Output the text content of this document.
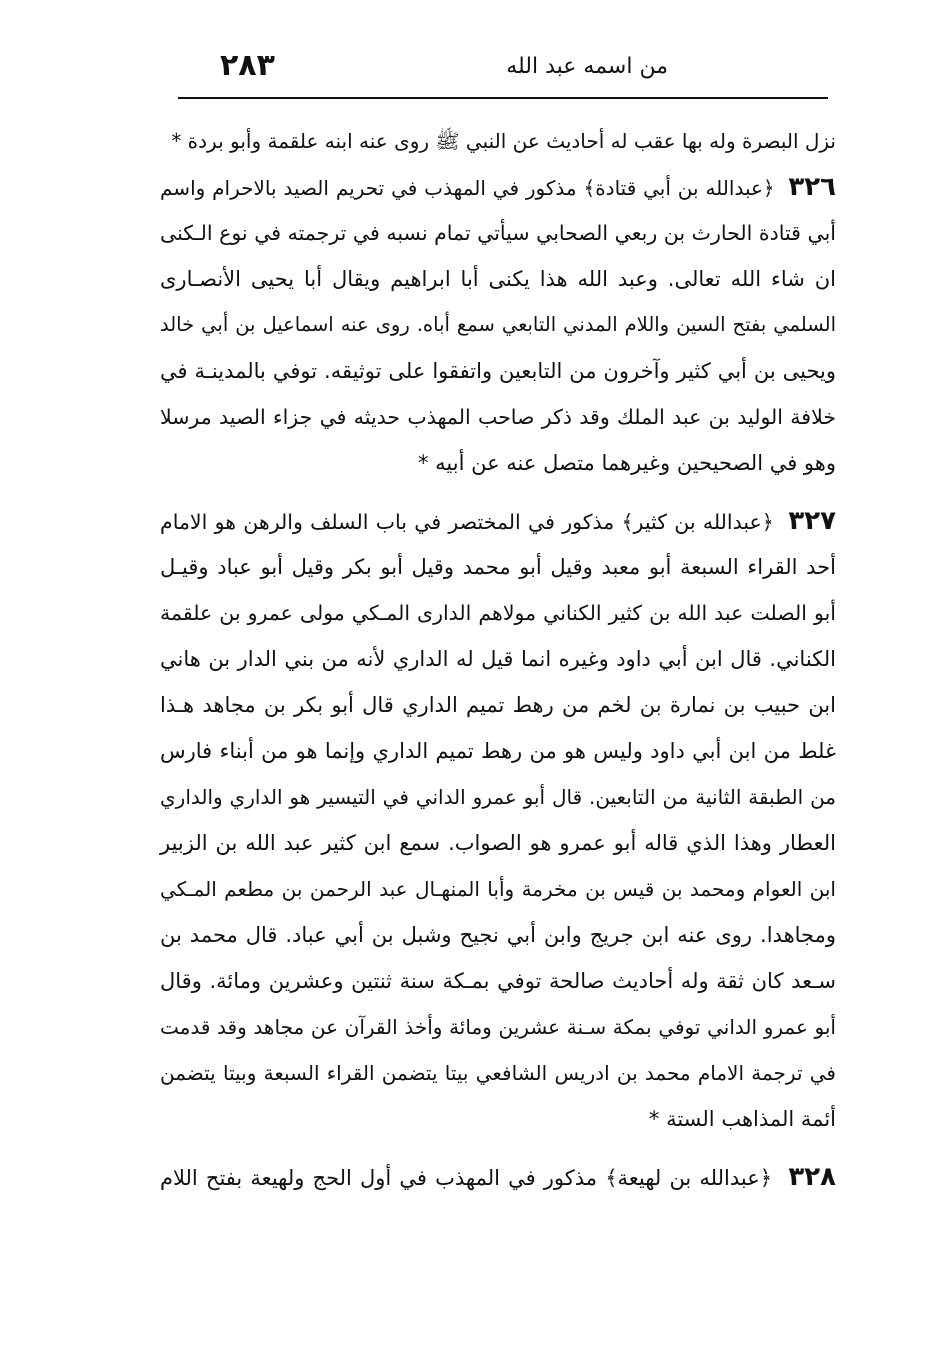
من اسمه عبد الله
٢٨٣
نزل البصرة وله بها عقب له أحاديث عن النبي ﷺ روى عنه ابنه علقمة وأبو بردة *
٣٢٦  ﴿عبدالله بن أبي قتادة﴾ مذكور في المهذب في تحريم الصيد بالاحرام واسم
أبي قتادة الحارث بن ربعي الصحابي سيأتي تمام نسبه في ترجمته في نوع الـكنى
ان شاء الله تعالى. وعبد الله هذا يكنى أبا ابراهيم ويقال أبا يحيى الأنصـارى
السلمي بفتح السين واللام المدني التابعي سمع أباه. روى عنه اسماعيل بن أبي خالد
ويحيى بن أبي كثير وآخرون من التابعين واتفقوا على توثيقه. توفي بالمدينـة في
خلافة الوليد بن عبد الملك وقد ذكر صاحب المهذب حديثه في جزاء الصيد مرسلا
وهو في الصحيحين وغيرهما متصل عنه عن أبيه *
٣٢٧  ﴿عبدالله بن كثير﴾ مذكور في المختصر في باب السلف والرهن هو الامام
أحد القراء السبعة أبو معبد وقيل أبو محمد وقيل أبو بكر وقيل أبو عباد وقيـل
أبو الصلت عبد الله بن كثير الكناني مولاهم الدارى المـكي مولى عمرو بن علقمة
الكناني. قال ابن أبي داود وغيره انما قيل له الداري لأنه من بني الدار بن هاني
ابن حبيب بن نمارة بن لخم من رهط تميم الداري قال أبو بكر بن مجاهد هـذا
غلط من ابن أبي داود وليس هو من رهط تميم الداري وإنما هو من أبناء فارس
من الطبقة الثانية من التابعين. قال أبو عمرو الداني في التيسير هو الداري والداري
العطار وهذا الذي قاله أبو عمرو هو الصواب. سمع ابن كثير عبد الله بن الزبير
ابن العوام ومحمد بن قيس بن مخرمة وأبا المنهـال عبد الرحمن بن مطعم المـكي
ومجاهدا. روى عنه ابن جريج وابن أبي نجيح وشبل بن أبي عباد. قال محمد بن
سـعد كان ثقة وله أحاديث صالحة توفي بمـكة سنة ثنتين وعشرين ومائة. وقال
أبو عمرو الداني توفي بمكة سـنة عشرين ومائة وأخذ القرآن عن مجاهد وقد قدمت
في ترجمة الامام محمد بن ادريس الشافعي بيتا يتضمن القراء السبعة وبيتا يتضمن
أئمة المذاهب الستة *
٣٢٨  ﴿عبدالله بن لهيعة﴾ مذكور في المهذب في أول الحج ولهيعة بفتح اللام
